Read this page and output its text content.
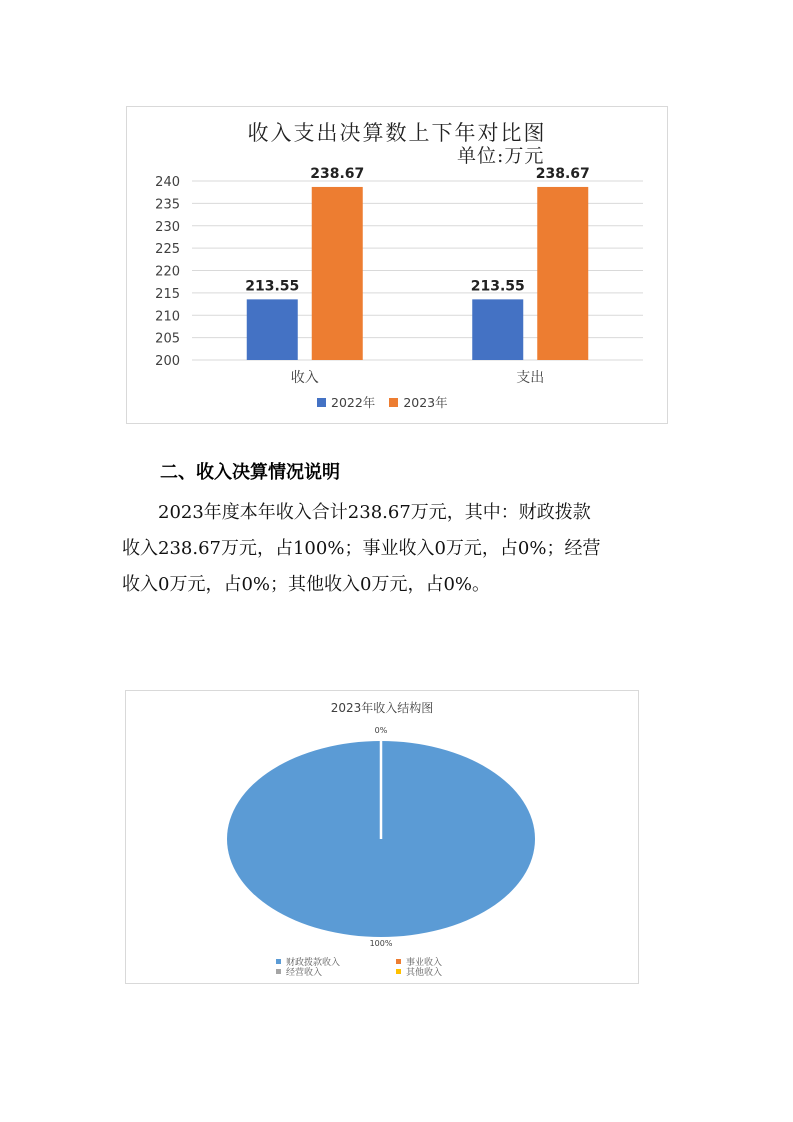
收入支出决算数上下年对比图
单位:万元
200
205
210
215
220
225
230
235
240
213.55
238.67
收入
213.55
238.67
支出
2022年 2023年
二、收入决算情况说明

2023年度本年收入合计238.67万元，其中：财政拨款

收入238.67万元，占100%；事业收入0万元，占0%；经营

收入0万元，占0%；其他收入0万元，占0%。

2023年收入结构图
0%
100%
财政拨款收入	事业收入
经营收入	其他收入
